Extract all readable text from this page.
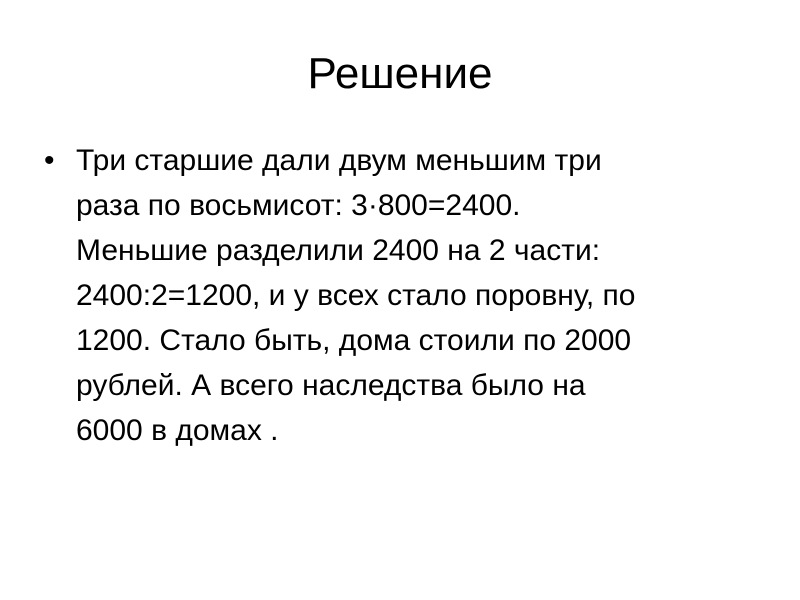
Решение
• Три старшие дали двум меньшим три
раза по восьмисот: 3·800=2400.
Меньшие разделили 2400 на 2 части:
2400:2=1200, и у всех стало поровну, по
1200. Стало быть, дома стоили по 2000
рублей. А всего наследства было на
6000 в домах .
